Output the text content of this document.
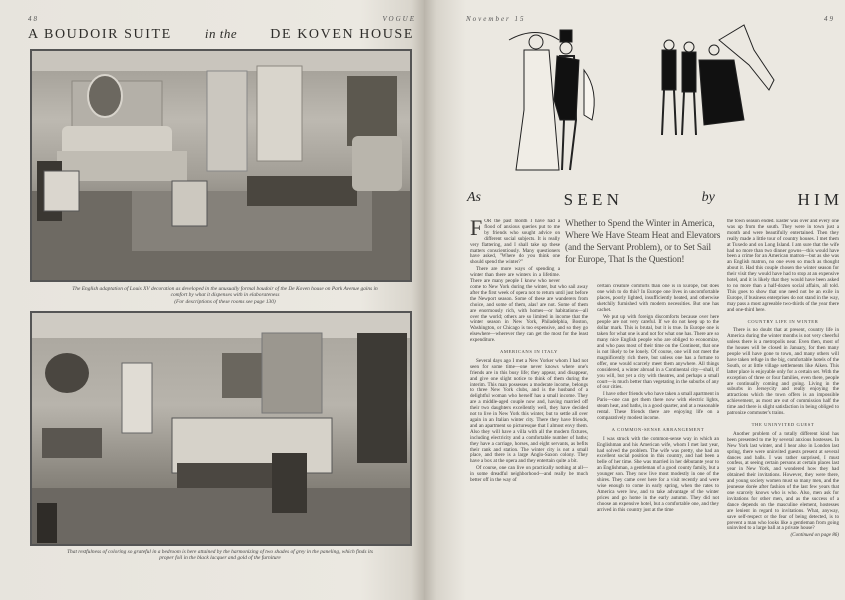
48	VOGUE
A BOUDOIR SUITE	in the DE KOVEN HOUSE
The English adaptation of Louis XV decoration as developed in the unusually formal boudoir of the De Koven house on Park Avenue gains in comfort by what it dispenses with in elaborateness
(For descriptions of these rooms see page 130)
That restfulness of coloring so grateful in a bedroom is here attained by the harmonizing of two shades of grey in the paneling, which finds its proper foil in the black lacquer and gold of the furniture
November 15	49
As	S E E N	by	H I M
Whether to Spend the Winter in America, Where We Have Steam Heat and Elevators (and the Servant Problem), or to Set Sail for Europe, That Is the Question!

FOR the past month I have had a flood of anxious queries put to me by friends who sought advice on different social subjects. It is really very flattering, and I shall take up these matters conscientiously. Many questioners have asked, "Where do you think one should spend the winter?"

There are more ways of spending a winter than there are winters in a lifetime. There are many people I know who never come to New York during the winter, but who sail away after the first week of opera not to return until just before the Newport season. Some of these are wanderers from choice, and some of them, alas! are not. Some of them are enormously rich, with homes—or habitations—all over the world; others are so limited in income that the winter season in New York, Philadelphia, Boston, Washington, or Chicago is too expensive, and so they go elsewhere—wherever they can get the most for the least expenditure.

AMERICANS IN ITALY

Several days ago I met a New Yorker whom I had not seen for some time—one never knows where one's friends are in this busy life; they appear, and disappear, and give one slight notice to think of them during the interim. This man possesses a moderate income, belongs to three New York clubs, and is the husband of a delightful woman who herself has a small income. They are a middle-aged couple now and, having married off their two daughters excellently well, they have decided not to live in New York this winter, but to settle all over again in an Italian winter city. There they have friends, and an apartment so picturesque that I almost envy them. Also they will have a villa with all the modern fixtures, including electricity and a comfortable number of baths; they have a carriage, horses, and eight servants, as befits their rank and station. The winter city is not a small place, and there is a large Anglo-Saxon colony. They have a box at the opera and they entertain quite a bit.

Of course, one can live on practically nothing at all—in some dreadful neighborhood—and really be much better off in the way of

certain creature comforts than one is in Europe, but does one wish to do this? In Europe one lives in uncomfortable places, poorly lighted, insufficiently heated, and otherwise sketchily furnished with modern necessities. But one has cachet.

We put up with foreign discomforts because over here people are not very careful. If we do not keep up to the dollar mark. This is brutal, but it is true. In Europe one is taken for what one is and not for what one has. There are so many nice English people who are obliged to economize, and who pass most of their time on the Continent, that one is not likely to be lonely. Of course, one will not meet the magnificently rich there, but unless one has a fortune to offer, one would scarcely meet them anywhere. All things considered, a winter abroad in a Continental city—shall, if you will, but yet a city with theatres, and perhaps a small court—is much better than vegetating in the suburbs of any of our cities.

I have other friends who have taken a small apartment in Paris—one can get them there now with electric lights, steam heat, and baths, in a good quarter, and at a reasonable rental. These friends there are enjoying life on a comparatively modest income.

A COMMON-SENSE ARRANGEMENT

I was struck with the common-sense way in which an Englishman and his American wife, whom I met last year, had solved the problem. The wife was pretty, she had an excellent social position in this country, and had been a belle of her time. She was married in her débutante year to an Englishman, a gentleman of a good county family, but a younger son. They now live most modestly in one of the shires. They came over here for a visit recently and were wise enough to come in early spring, when the rates to America were low, and to take advantage of the winter prices and go home in the early autumn. They did not choose an expensive hotel, but a comfortable one, and they arrived in this country just at the time

the town season ended. Easter was over and every one was up from the south. They were in town just a month and were beautifully entertained. Then they really made a little tour of country houses. I met them at Tuxedo and on Long Island. I am sure that the wife had no more than two dinner gowns—this would have been a crime for an American matron—but as she was an English matron, no one even so much as thought about it. Had this couple chosen the winter season for their visit they would have had to stop at an expensive hotel, and it is likely that they would have been asked to no more than a half-dozen social affairs, all told. This goes to show that one need not be an exile in Europe, if business enterprises do not stand in the way, may pass a most agreeable two-thirds of the year there and one-third here.

COUNTRY LIFE IN WINTER

There is no doubt that at present, country life in America during the winter months is not very cheerful unless there is a metropolis near. Even then, most of the houses will be closed in January, for then many people will have gone to town, and many others will have taken refuge in the big, comfortable hotels of the South, or at little village settlements like Aiken. This latter place is enjoyable only for a certain set. With the exception of three or four families, even there, people are continually coming and going. Living in the suburbs in Jerseycity and really enjoying the attractions which the town offers is an impossible achievement, as most are out of commission half the time and there is slight satisfaction in being obliged to patronize commuter's trains.

THE UNINVITED GUEST

Another problem of a totally different kind has been presented to me by several anxious hostesses. In New York last winter, and I hear also in London last spring, there were uninvited guests present at several dances and balls. I was rather surprised, I must confess, at seeing certain persons at certain places last year in New York, and wondered how they had obtained their invitations. However, they were there, and young society women must so many men, and the jeunesse dorée after fashion of the last few years that one scarcely knows who is who. Also, men ask for invitations for other men, and as the success of a dance depends on the masculine element, hostesses are lenient in regard to invitations. What, anyway, save self-respect or the fear of being detected, is to prevent a man who looks like a gentleman from going uninvited to a large ball at a private house?

(Continued on page 86)
